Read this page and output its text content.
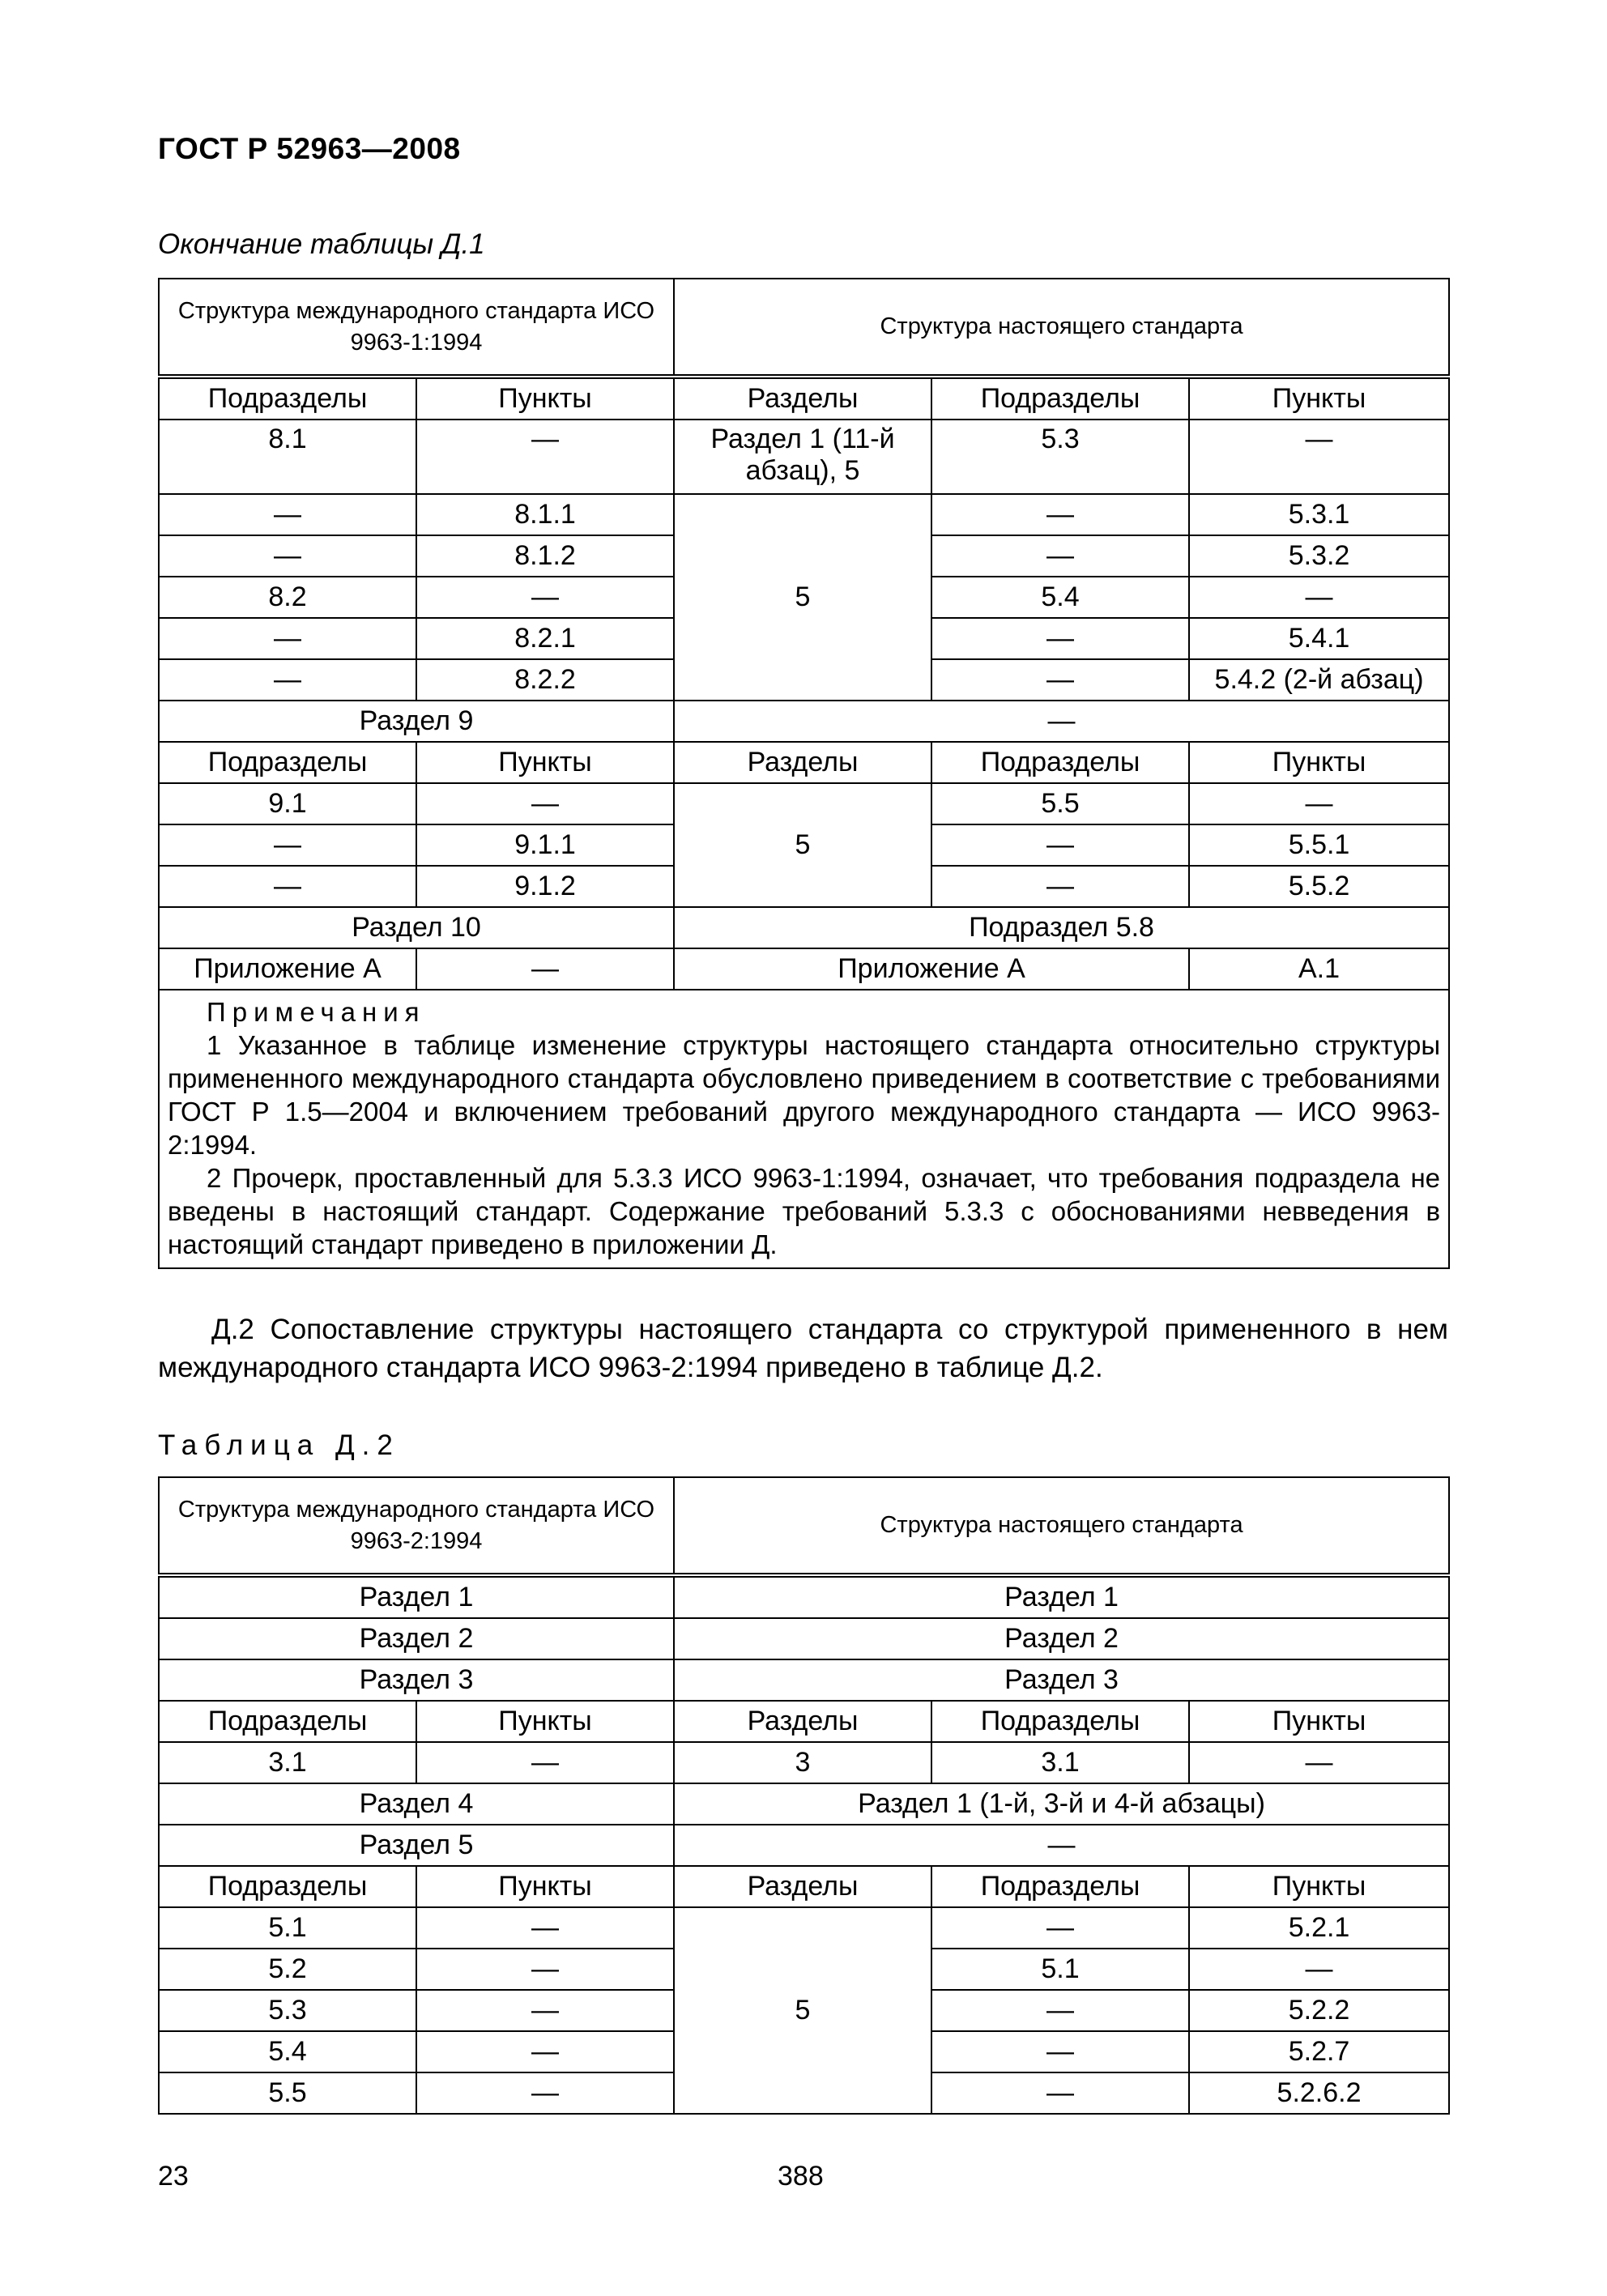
ГОСТ Р 52963—2008
Окончание таблицы Д.1
Структура международного стандарта ИСО 9963-1:1994		Структура настоящего стандарта		
Подразделы	Пункты	Разделы	Подразделы	Пункты
8.1	—	Раздел 1 (11-й абзац), 5	5.3	—
—	8.1.1	5	—	5.3.1
—	8.1.2		—	5.3.2
8.2	—		5.4	—
—	8.2.1		—	5.4.1
—	8.2.2		—	5.4.2 (2-й абзац)
Раздел 9		—		
Подразделы	Пункты	Разделы	Подразделы	Пункты
9.1	—	5	5.5	—
—	9.1.1		—	5.5.1
—	9.1.2		—	5.5.2
Раздел 10		Подраздел 5.8		
Приложение А	—	Приложение А		А.1

Примечания
1 Указанное в таблице изменение структуры настоящего стандарта относительно структуры примененного международного стандарта обусловлено приведением в соответствие с требованиями ГОСТ Р 1.5—2004 и включением требований другого международного стандарта — ИСО 9963-2:1994.
2 Прочерк, проставленный для 5.3.3 ИСО 9963-1:1994, означает, что требования подраздела не введены в настоящий стандарт. Содержание требований 5.3.3 с обоснованиями невведения в настоящий стандарт приведено в приложении Д.				
Д.2 Сопоставление структуры настоящего стандарта со структурой примененного в нем международного стандарта ИСО 9963-2:1994 приведено в таблице Д.2.
Таблица Д.2
Структура международного стандарта ИСО 9963-2:1994		Структура настоящего стандарта		
Раздел 1		Раздел 1		
Раздел 2		Раздел 2		
Раздел 3		Раздел 3		
Подразделы	Пункты	Разделы	Подразделы	Пункты
3.1	—	3	3.1	—
Раздел 4		Раздел 1 (1-й, 3-й и 4-й абзацы)		
Раздел 5		—		
Подразделы	Пункты	Разделы	Подразделы	Пункты
5.1	—	5	—	5.2.1
5.2	—		5.1	—
5.3	—		—	5.2.2
5.4	—		—	5.2.7
5.5	—		—	5.2.6.2
23	388
